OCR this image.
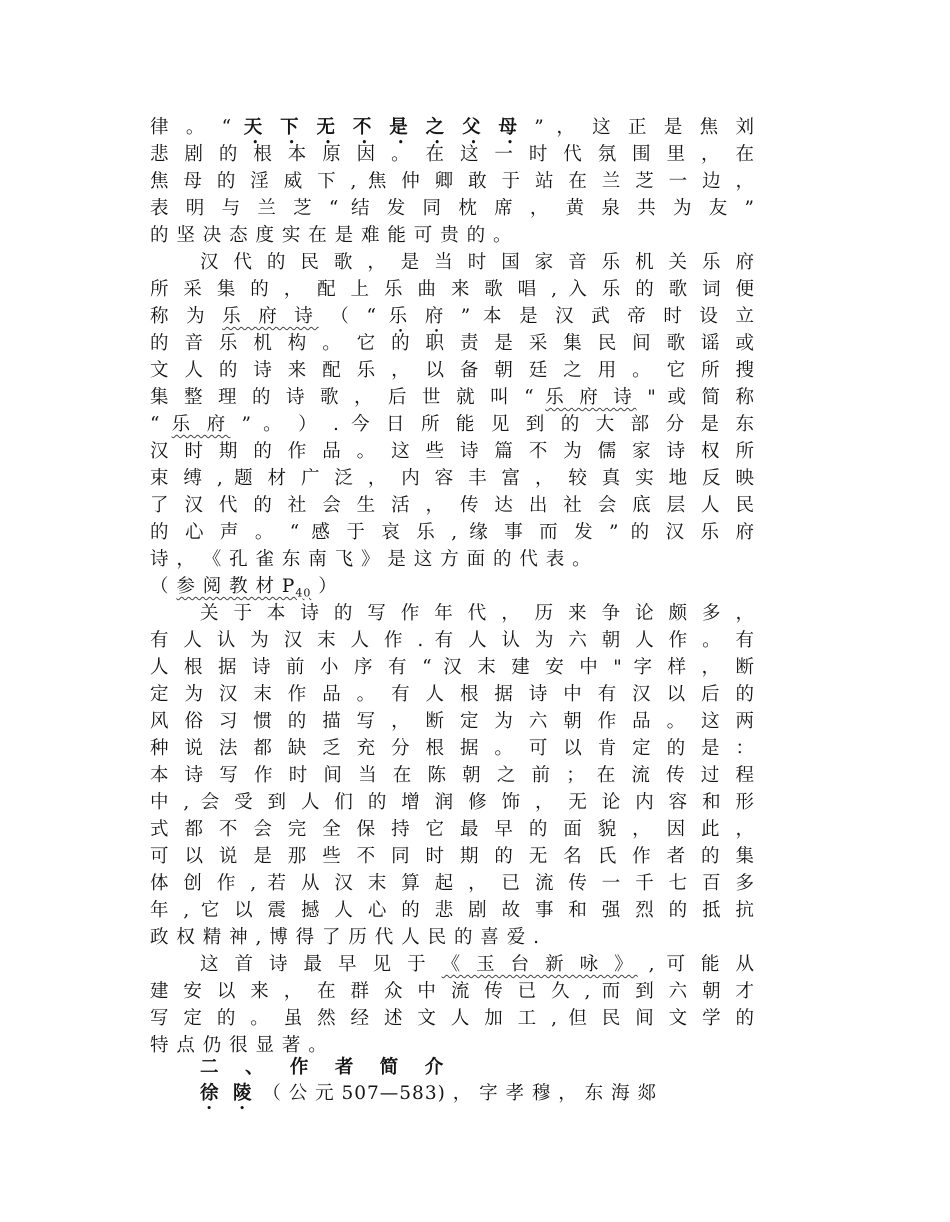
律 。 “ 天 下 无 不 是 之 父 母 ” ， 这 正 是 焦 刘
悲 剧 的 根 本 原 因 。 在 这 一 时 代 氛 围 里 ， 在
焦 母 的 淫 威 下 , 焦 仲 卿 敢 于 站 在 兰 芝 一 边 ，
表 明 与 兰 芝 “ 结 发 同 枕 席 ， 黄 泉 共 为 友 ”
的 坚 决 态 度 实 在 是 难 能 可 贵 的 。
汉 代 的 民 歌 ， 是 当 时 国 家 音 乐 机 关 乐 府
所 采 集 的 ， 配 上 乐 曲 来 歌 唱 , 入 乐 的 歌 词 便
称 为 乐 府 诗 （ “ 乐 府 ” 本 是 汉 武 帝 时 设 立
的 音 乐 机 构 。 它 的 职 责 是 采 集 民 间 歌 谣 或
文 人 的 诗 来 配 乐 ， 以 备 朝 廷 之 用 。 它 所 搜
集 整 理 的 诗 歌 ， 后 世 就 叫 “ 乐 府 诗 " 或 简 称
“ 乐 府 ” 。 ） . 今 日 所 能 见 到 的 大 部 分 是 东
汉 时 期 的 作 品 。 这 些 诗 篇 不 为 儒 家 诗 权 所
束 缚 , 题 材 广 泛 ， 内 容 丰 富 ， 较 真 实 地 反 映
了 汉 代 的 社 会 生 活 ， 传 达 出 社 会 底 层 人 民
的 心 声 。 “ 感 于 哀 乐 , 缘 事 而 发 ” 的 汉 乐 府
诗 ， 《 孔 雀 东 南 飞 》 是 这 方 面 的 代 表 。
（ 参 阅 教 材 $P_{40}$ ）
关 于 本 诗 的 写 作 年 代 ， 历 来 争 论 颇 多 ，
有 人 认 为 汉 末 人 作 . 有 人 认 为 六 朝 人 作 。 有
人 根 据 诗 前 小 序 有 “ 汉 末 建 安 中 " 字 样 ， 断
定 为 汉 末 作 品 。 有 人 根 据 诗 中 有 汉 以 后 的
风 俗 习 惯 的 描 写 ， 断 定 为 六 朝 作 品 。 这 两
种 说 法 都 缺 乏 充 分 根 据 。 可 以 肯 定 的 是 ：
本 诗 写 作 时 间 当 在 陈 朝 之 前 ； 在 流 传 过 程
中 , 会 受 到 人 们 的 增 润 修 饰 ， 无 论 内 容 和 形
式 都 不 会 完 全 保 持 它 最 早 的 面 貌 ， 因 此 ，
可 以 说 是 那 些 不 同 时 期 的 无 名 氏 作 者 的 集
体 创 作 , 若 从 汉 末 算 起 ， 已 流 传 一 千 七 百 多
年 , 它 以 震 撼 人 心 的 悲 剧 故 事 和 强 烈 的 抵 抗
政 权 精 神 , 博 得 了 历 代 人 民 的 喜 爱 .
这 首 诗 最 早 见 于 《 玉 台 新 咏 》 , 可 能 从
建 安 以 来 ， 在 群 众 中 流 传 已 久 , 而 到 六 朝 才
写 定 的 。 虽 然 经 述 文 人 加 工 , 但 民 间 文 学 的
特 点 仍 很 显 著 。
二 、 作 者 简 介
徐 陵 （ 公 元 507—583) ， 字 孝 穆 ， 东 海 郯
